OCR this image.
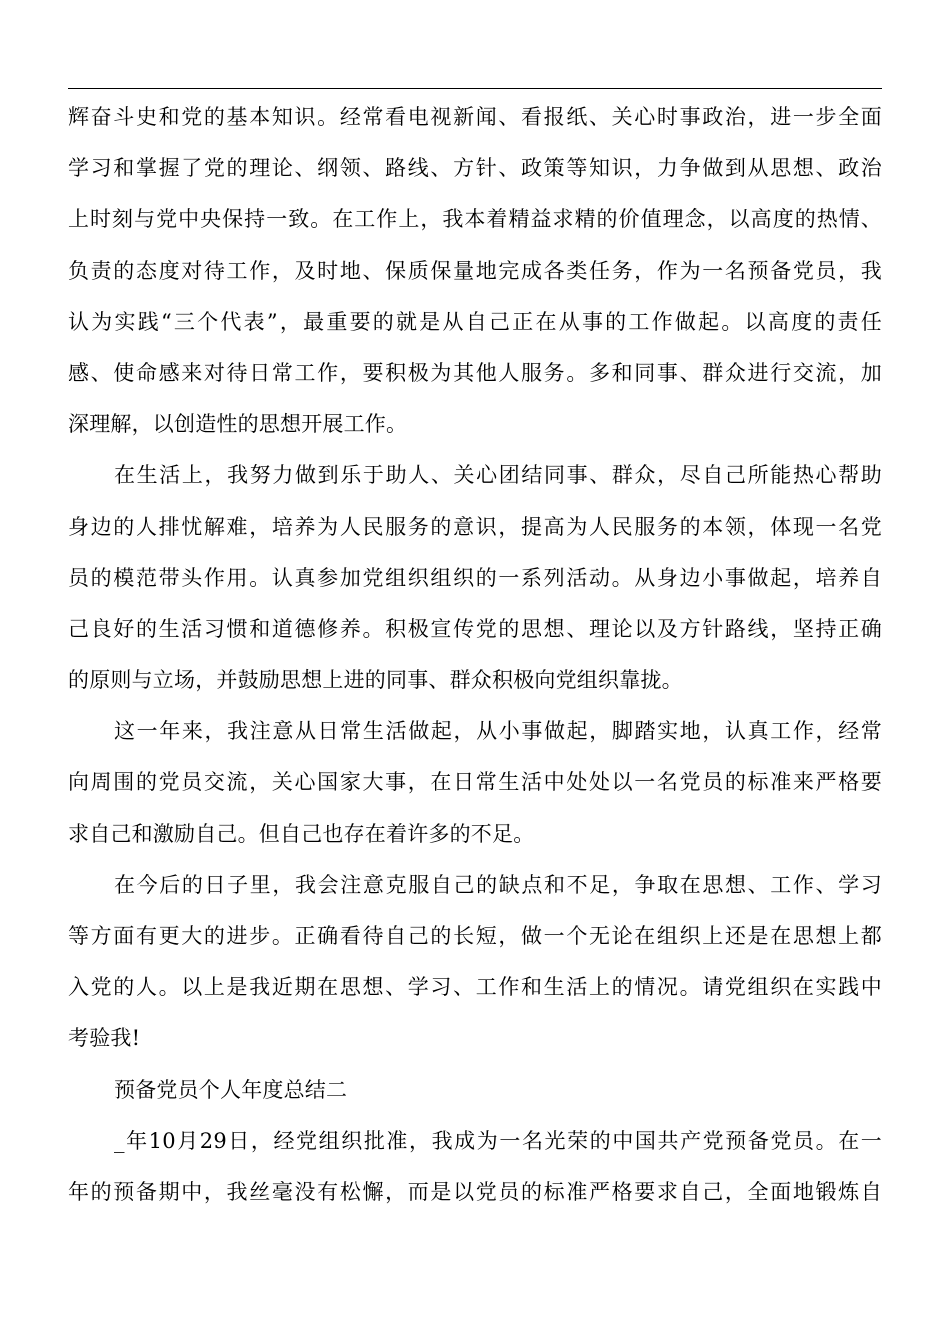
辉奋斗史和党的基本知识。经常看电视新闻、看报纸、关心时事政治，进一步全面
学习和掌握了党的理论、纲领、路线、方针、政策等知识，力争做到从思想、政治
上时刻与党中央保持一致。在工作上，我本着精益求精的价值理念，以高度的热情、
负责的态度对待工作，及时地、保质保量地完成各类任务，作为一名预备党员，我
认为实践“三个代表”，最重要的就是从自己正在从事的工作做起。以高度的责任
感、使命感来对待日常工作，要积极为其他人服务。多和同事、群众进行交流，加
深理解，以创造性的思想开展工作。
在生活上，我努力做到乐于助人、关心团结同事、群众，尽自己所能热心帮助
身边的人排忧解难，培养为人民服务的意识，提高为人民服务的本领，体现一名党
员的模范带头作用。认真参加党组织组织的一系列活动。从身边小事做起，培养自
己良好的生活习惯和道德修养。积极宣传党的思想、理论以及方针路线，坚持正确
的原则与立场，并鼓励思想上进的同事、群众积极向党组织靠拢。
这一年来，我注意从日常生活做起，从小事做起，脚踏实地，认真工作，经常
向周围的党员交流，关心国家大事，在日常生活中处处以一名党员的标准来严格要
求自己和激励自己。但自己也存在着许多的不足。
在今后的日子里，我会注意克服自己的缺点和不足，争取在思想、工作、学习
等方面有更大的进步。正确看待自己的长短，做一个无论在组织上还是在思想上都
入党的人。以上是我近期在思想、学习、工作和生活上的情况。请党组织在实践中
考验我!
预备党员个人年度总结二
_年10月29日，经党组织批准，我成为一名光荣的中国共产党预备党员。在一
年的预备期中，我丝毫没有松懈，而是以党员的标准严格要求自己，全面地锻炼自
